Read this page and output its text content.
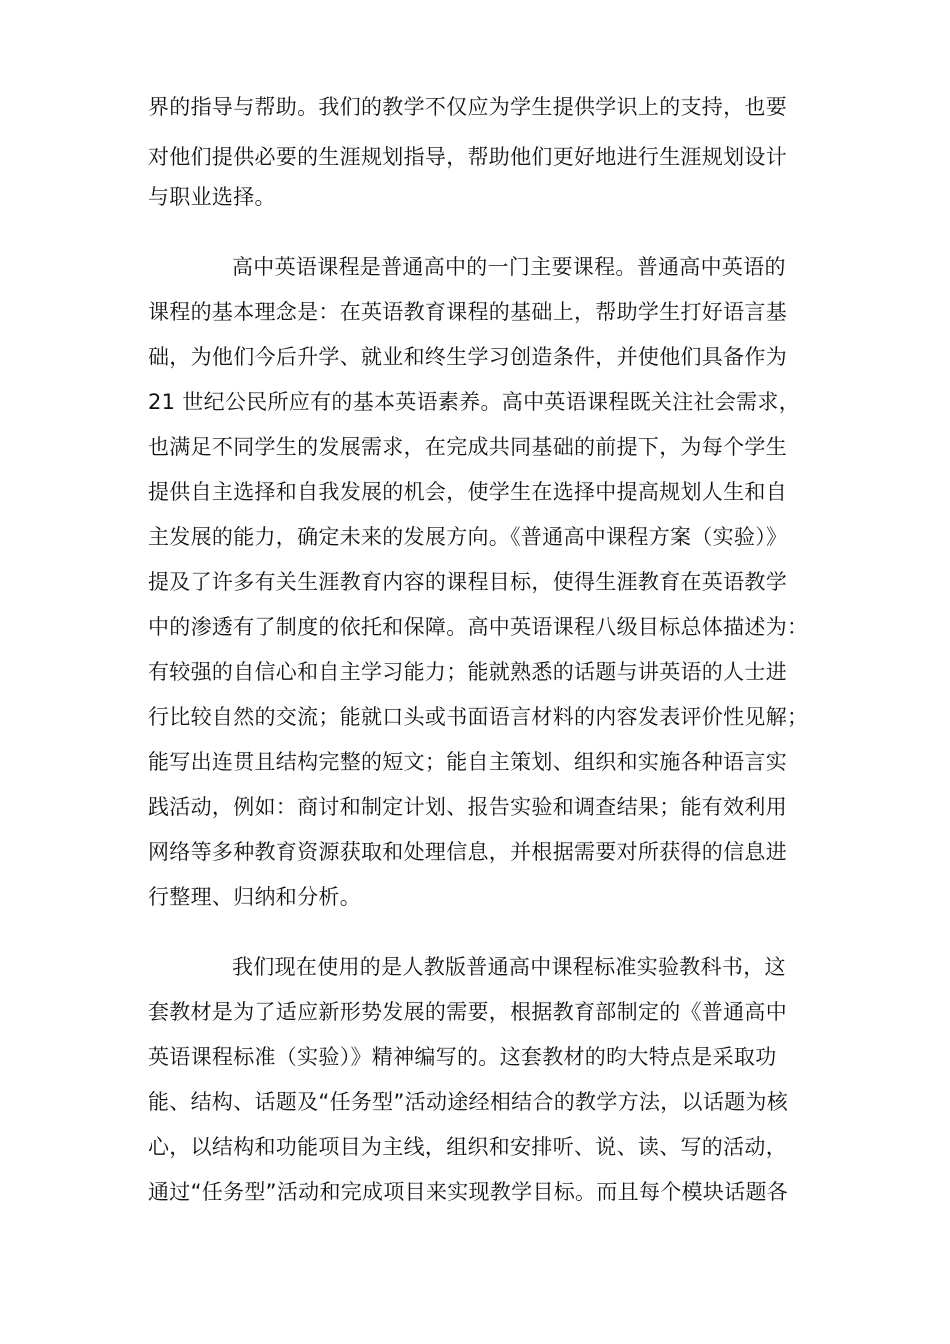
界的指导与帮助。我们的教学不仅应为学生提供学识上的支持，也要
对他们提供必要的生涯规划指导，帮助他们更好地进行生涯规划设计
与职业选择。
高中英语课程是普通高中的一门主要课程。普通高中英语的
课程的基本理念是：在英语教育课程的基础上，帮助学生打好语言基
础，为他们今后升学、就业和终生学习创造条件，并使他们具备作为
21 世纪公民所应有的基本英语素养。高中英语课程既关注社会需求，
也满足不同学生的发展需求，在完成共同基础的前提下，为每个学生
提供自主选择和自我发展的机会，使学生在选择中提高规划人生和自
主发展的能力，确定未来的发展方向。《普通高中课程方案（实验）》
提及了许多有关生涯教育内容的课程目标，使得生涯教育在英语教学
中的渗透有了制度的依托和保障。高中英语课程八级目标总体描述为：
有较强的自信心和自主学习能力；能就熟悉的话题与讲英语的人士进
行比较自然的交流；能就口头或书面语言材料的内容发表评价性见解；
能写出连贯且结构完整的短文；能自主策划、组织和实施各种语言实
践活动，例如：商讨和制定计划、报告实验和调查结果；能有效利用
网络等多种教育资源获取和处理信息，并根据需要对所获得的信息进
行整理、归纳和分析。
我们现在使用的是人教版普通高中课程标准实验教科书，这
套教材是为了适应新形势发展的需要，根据教育部制定的《普通高中
英语课程标准（实验）》精神编写的。这套教材的昀大特点是采取功
能、结构、话题及“任务型”活动途经相结合的教学方法，以话题为核
心，以结构和功能项目为主线，组织和安排听、说、读、写的活动，
通过“任务型”活动和完成项目来实现教学目标。而且每个模块话题各
